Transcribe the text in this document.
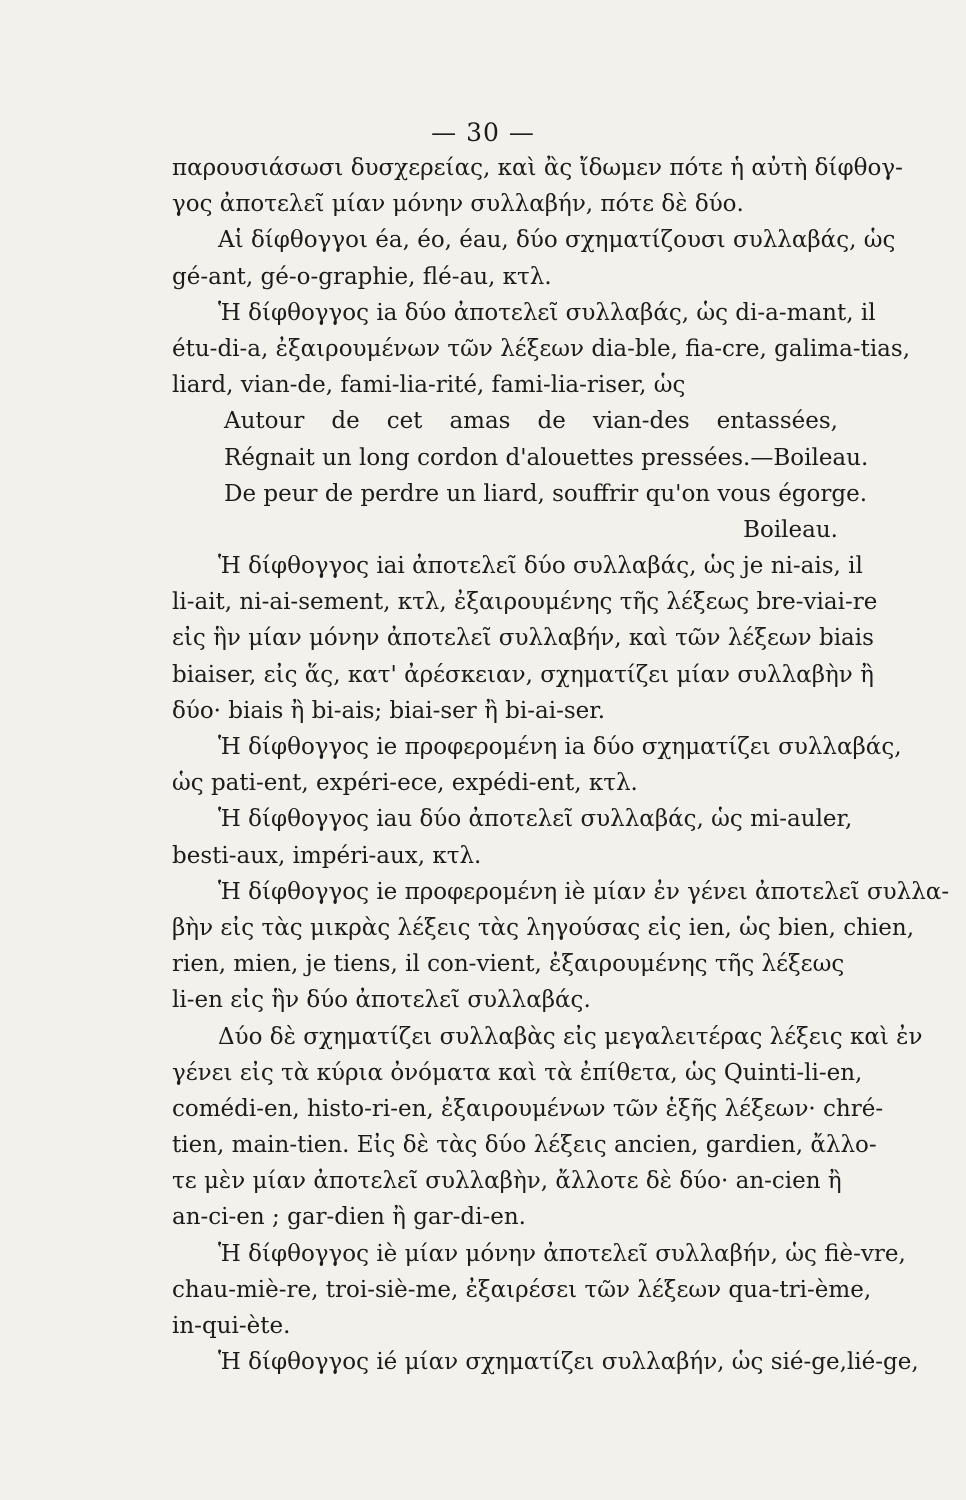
— 30 —
παρουσιάσωσι δυσχερείας, καὶ ἂς ἴδωμεν πότε ἡ αὐτὴ δίφθογ-
γος ἀποτελεῖ μίαν μόνην συλλαβήν, πότε δὲ δύο.
Αἱ δίφθογγοι éa, éo, éau, δύο σχηματίζουσι συλλαβάς, ὡς
gé-ant, gé-o-graphie, flé-au, κτλ.
Ἡ δίφθογγος ia δύο ἀποτελεῖ συλλαβάς, ὡς di-a-mant, il
étu-di-a, ἐξαιρουμένων τῶν λέξεων dia-ble, fia-cre, galima-tias,
liard, vian-de, fami-lia-rité, fami-lia-riser, ὡς
Autour de cet amas de vian-des entassées,
Régnait un long cordon d'alouettes pressées.—Boileau.
De peur de perdre un liard, souffrir qu'on vous égorge.
Boileau.
Ἡ δίφθογγος iai ἀποτελεῖ δύο συλλαβάς, ὡς je ni-ais, il
li-ait, ni-ai-sement, κτλ, ἐξαιρουμένης τῆς λέξεως bre-viai-re
εἰς ἣν μίαν μόνην ἀποτελεῖ συλλαβήν, καὶ τῶν λέξεων biais
biaiser, εἰς ἅς, κατ' ἀρέσκειαν, σχηματίζει μίαν συλλαβὴν ἢ
δύο· biais ἢ bi-ais; biai-ser ἢ bi-ai-ser.
Ἡ δίφθογγος ie προφερομένη ia δύο σχηματίζει συλλαβάς,
ὡς pati-ent, expéri-ece, expédi-ent, κτλ.
Ἡ δίφθογγος iau δύο ἀποτελεῖ συλλαβάς, ὡς mi-auler,
besti-aux, impéri-aux, κτλ.
Ἡ δίφθογγος ie προφερομένη iè μίαν ἐν γένει ἀποτελεῖ συλλα-
βὴν εἰς τὰς μικρὰς λέξεις τὰς ληγούσας εἰς ien, ὡς bien, chien,
rien, mien, je tiens, il con-vient, ἐξαιρουμένης τῆς λέξεως
li-en εἰς ἣν δύο ἀποτελεῖ συλλαβάς.
Δύο δὲ σχηματίζει συλλαβὰς εἰς μεγαλειτέρας λέξεις καὶ ἐν
γένει εἰς τὰ κύρια ὀνόματα καὶ τὰ ἐπίθετα, ὡς Quinti-li-en,
comédi-en, histo-ri-en, ἐξαιρουμένων τῶν ἑξῆς λέξεων· chré-
tien, main-tien. Εἰς δὲ τὰς δύο λέξεις ancien, gardien, ἄλλο-
τε μὲν μίαν ἀποτελεῖ συλλαβὴν, ἄλλοτε δὲ δύο· an-cien ἢ
an-ci-en ; gar-dien ἢ gar-di-en.
Ἡ δίφθογγος iè μίαν μόνην ἀποτελεῖ συλλαβήν, ὡς fiè-vre,
chau-miè-re, troi-siè-me, ἐξαιρέσει τῶν λέξεων qua-tri-ème,
in-qui-ète.
Ἡ δίφθογγος ié μίαν σχηματίζει συλλαβήν, ὡς sié-ge,lié-ge,
